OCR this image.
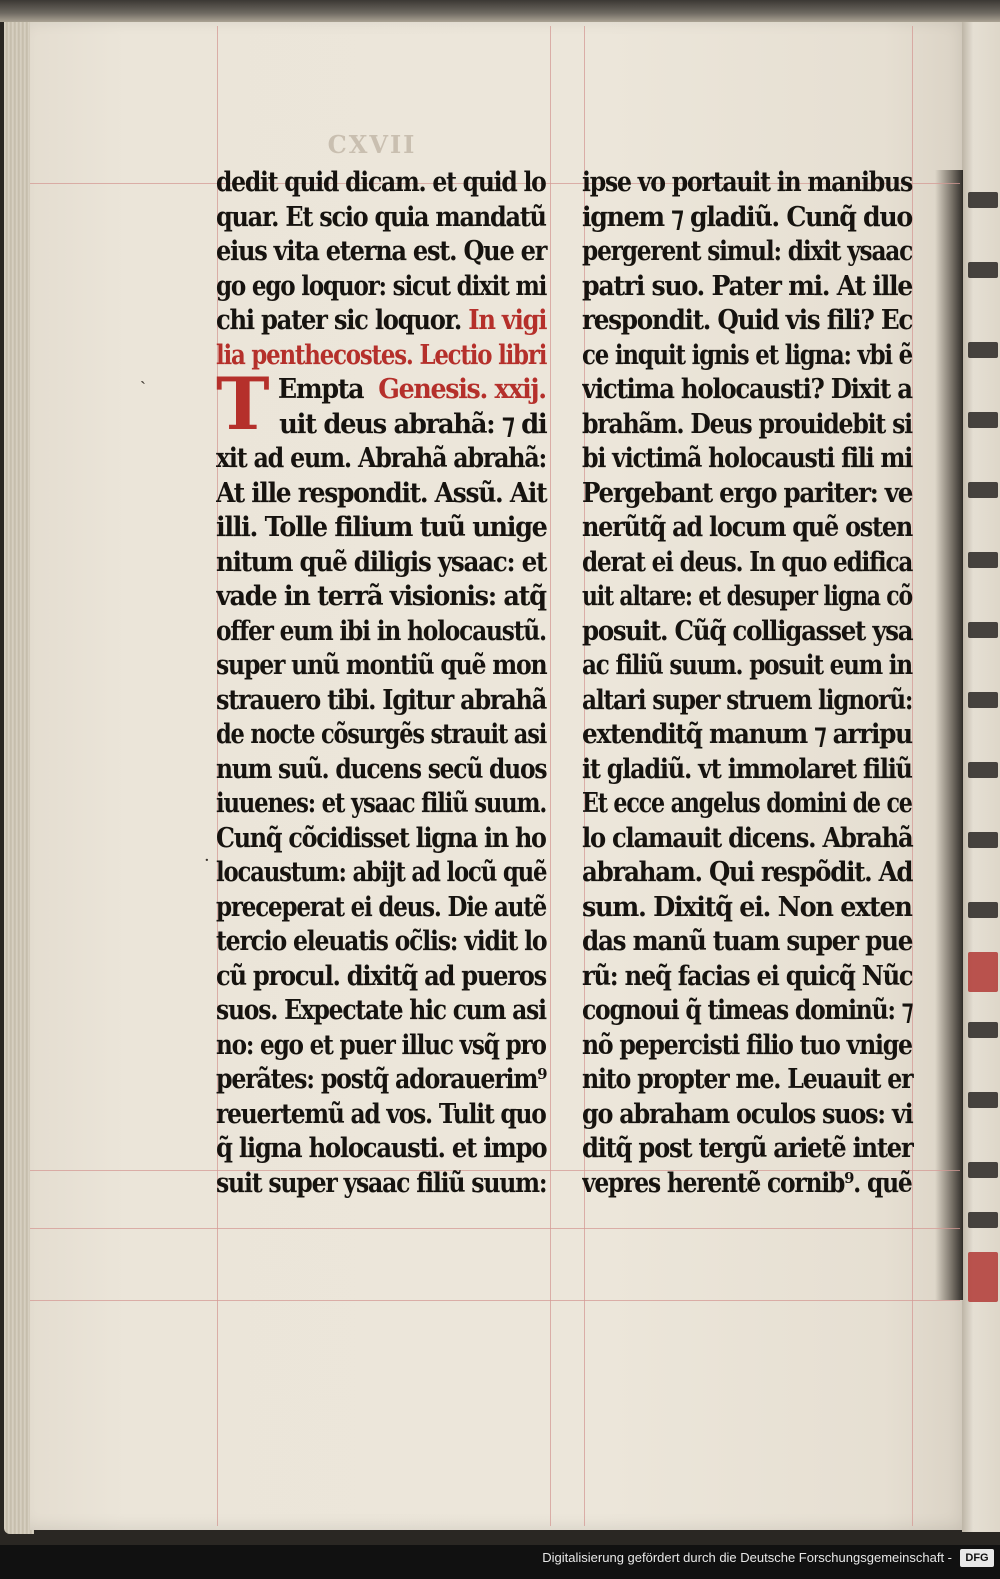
CXVII
dedit quid dicam. et quid lo
quar. Et scio quia mandatũ
eius vita eterna est. Que er
go ego loquor: sicut dixit mi
chi pater sic loquor. In vigi
lia penthecostes. Lectio libri
Empta Genesis. xxij.
uit deus abrahã: ⁊ di
xit ad eum. Abrahã abrahã:
At ille respondit. Assũ. Ait
illi. Tolle filium tuũ unige
nitum quẽ diligis ysaac: et
vade in terrã visionis: atq̃
offer eum ibi in holocaustũ.
super unũ montiũ quẽ mon
strauero tibi. Igitur abrahã
de nocte cõsurgẽs strauit asi
num suũ. ducens secũ duos
iuuenes: et ysaac filiũ suum.
Cunq̃ cõcidisset ligna in ho
locaustum: abijt ad locũ quẽ
preceperat ei deus. Die autẽ
tercio eleuatis oc̃lis: vidit lo
cũ procul. dixitq̃ ad pueros
suos. Expectate hic cum asi
no: ego et puer illuc vsq̃ pro
perãtes: postq̃ adorauerim⁹
reuertemũ ad vos. Tulit quo
q̃ ligna holocausti. et impo
suit super ysaac filiũ suum:
T
ipse vo portauit in manibus
ignem ⁊ gladiũ. Cunq̃ duo
pergerent simul: dixit ysaac
patri suo. Pater mi. At ille
respondit. Quid vis fili? Ec
ce inquit ignis et ligna: vbi ẽ
victima holocausti? Dixit a
brahãm. Deus prouidebit si
bi victimã holocausti fili mi
Pergebant ergo pariter: ve
nerũtq̃ ad locum quẽ osten
derat ei deus. In quo edifica
uit altare: et desuper ligna cõ
posuit. Cũq̃ colligasset ysa
ac filiũ suum. posuit eum in
altari super struem lignorũ:
extenditq̃ manum ⁊ arripu
it gladiũ. vt immolaret filiũ
Et ecce angelus domini de ce
lo clamauit dicens. Abrahã
abraham. Qui respõdit. Ad
sum. Dixitq̃ ei. Non exten
das manũ tuam super pue
rũ: neq̃ facias ei quicq̃ Nũc
cognoui q̃ timeas dominũ: ⁊
nõ pepercisti filio tuo vnige
nito propter me. Leuauit er
go abraham oculos suos: vi
ditq̃ post tergũ arietẽ inter
vepres herentẽ cornib⁹. quẽ
ˏ
·
Digitalisierung gefördert durch die Deutsche Forschungsgemeinschaft -	DFG
